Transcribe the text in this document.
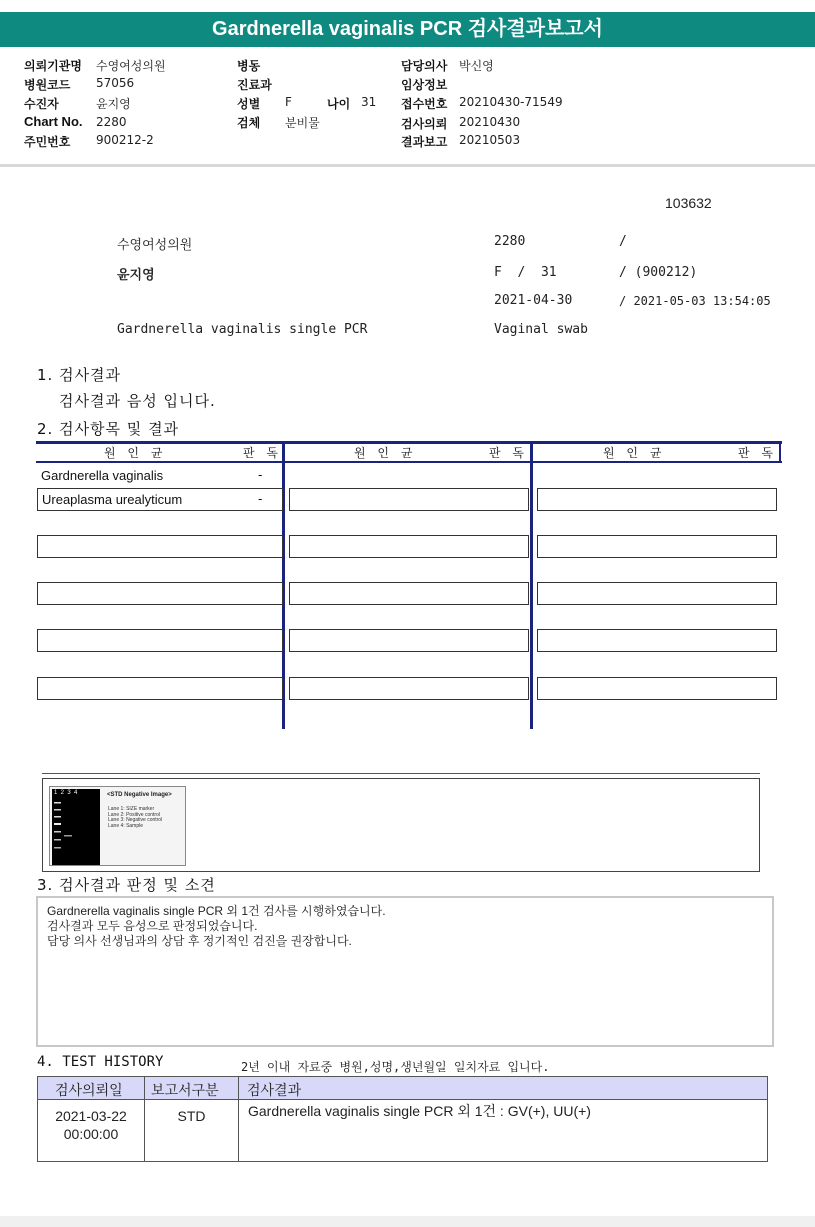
Gardnerella vaginalis PCR 검사결과보고서
의뢰기관명 수영여성의원
병원코드 57056
수진자	윤지영
Chart No. 2280
주민번호 900212-2
병동
진료과
성별 F	나이 31
검체 분비물
담당의사 박신영
임상정보
접수번호 20210430-71549
검사의뢰 20210430
결과보고 20210503
103632
수영여성의원	2280	/
윤지영	F  /  31	/ (900212)
2021-04-30	/ 2021-05-03 13:54:05
Gardnerella vaginalis single PCR	Vaginal swab
1. 검사결과
검사결과 음성 입니다.
2. 검사항목 및 결과
원 인 균	판 독	원 인 균	판 독	원 인 균	판 독
Gardnerella vaginalis	-
Ureaplasma urealyticum	-
1  2  3  4	<STD Negative Image>
Lane 1: SIZE marker
Lane 2: Positive control
Lane 3: Negative control
Lane 4: Sample
3. 검사결과 판정 및 소견
Gardnerella vaginalis single PCR 외 1건 검사를 시행하였습니다.
검사결과 모두 음성으로 판정되었습니다.
담당 의사 선생님과의 상담 후 정기적인 검진을 권장합니다.
4. TEST HISTORY	2년 이내 자료중 병원,성명,생년월일 일치자료 입니다.
검사의뢰일 보고서구분 검사결과
2021-03-22
00:00:00
STD	Gardnerella vaginalis single PCR 외 1건 : GV(+), UU(+)
